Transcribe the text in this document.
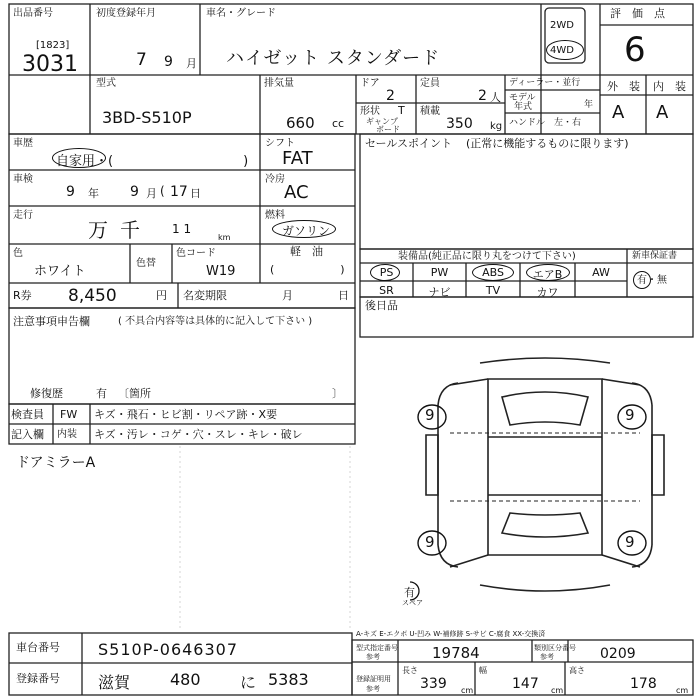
9	9
9	9
有
スペア
出品番号
[1823]
3031
初度登録年月
7 9 月
車名・グレード
ハイゼット スタンダード
2WD
4WD
評　価　点
6
外　装 内　装
A A
型式
3BD-S510P
排気量
660 cc
ドア
2
定員
2 人
形状 T
ギャンプ
ボード
積載
350 kg
ディーラー・並行
モデル
年式	年
ハンドル　左・右
車歴
自家用・(　　　　　　　　　　)
シフト
FAT
車検
9 年 9 月 ( 17 日
冷房
AC
走行
万 千	1 1
km
燃料
ガソリン
軽　油
(　　　　　　)
色
ホワイト
色替
色コード
W19
R券 8,450	円 名変期限	月	日
注意事項申告欄	( 不具合内容等は具体的に記入して下さい )
修復歴	有 〔箇所	〕
検査員
記入欄
FW キズ・飛石・ヒビ割・リペア跡・X要
内装 キズ・汚レ・コゲ・穴・スレ・キレ・破レ
ドアミラーA
セールスポイント (正常に機能するものに限ります)
装備品(純正品に限り丸をつけて下さい)	新車保証書
有・無
PS	PW	ABS	エアB	AW
SR	ナビ	TV	カワ
後日品
A-キズ E-エクボ U-凹み W-補修跡 S-サビ C-腐食 XX-交換済
車台番号 S510P-0646307
登録番号 滋賀 480 に 5383
型式指定番号
参考	19784	類別区分番号
参考	0209
登録証明用
参考
長さ
339 cm
幅
147 cm
高さ
178 cm
